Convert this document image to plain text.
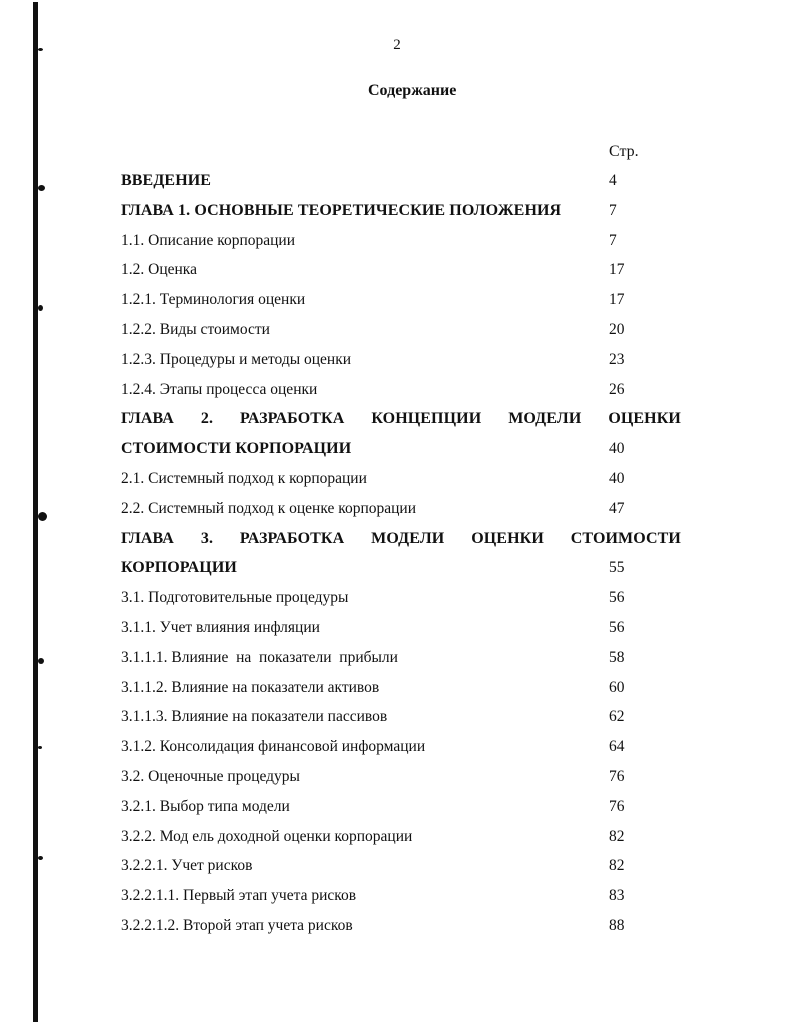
2
Содержание
Стр.
ВВЕДЕНИЕ	4
ГЛАВА 1. ОСНОВНЫЕ ТЕОРЕТИЧЕСКИЕ ПОЛОЖЕНИЯ	7
1.1. Описание корпорации	7
1.2. Оценка	17
1.2.1. Терминология оценки	17
1.2.2. Виды стоимости	20
1.2.3. Процедуры и методы оценки	23
1.2.4. Этапы процесса оценки	26
ГЛАВА 2. РАЗРАБОТКА КОНЦЕПЦИИ МОДЕЛИ ОЦЕНКИ
СТОИМОСТИ КОРПОРАЦИИ	40
2.1. Системный подход к корпорации	40
2.2. Системный подход к оценке корпорации	47
ГЛАВА 3. РАЗРАБОТКА МОДЕЛИ ОЦЕНКИ СТОИМОСТИ
КОРПОРАЦИИ	55
3.1. Подготовительные процедуры	56
3.1.1. Учет влияния инфляции	56
3.1.1.1. Влияние  на  показатели  прибыли	58
3.1.1.2. Влияние на показатели активов	60
3.1.1.3. Влияние на показатели пассивов	62
3.1.2. Консолидация финансовой информации	64
3.2. Оценочные процедуры	76
3.2.1. Выбор типа модели	76
3.2.2. Мод ель доходной оценки корпорации	82
3.2.2.1. Учет рисков	82
3.2.2.1.1. Первый этап учета рисков	83
3.2.2.1.2. Второй этап учета рисков	88
